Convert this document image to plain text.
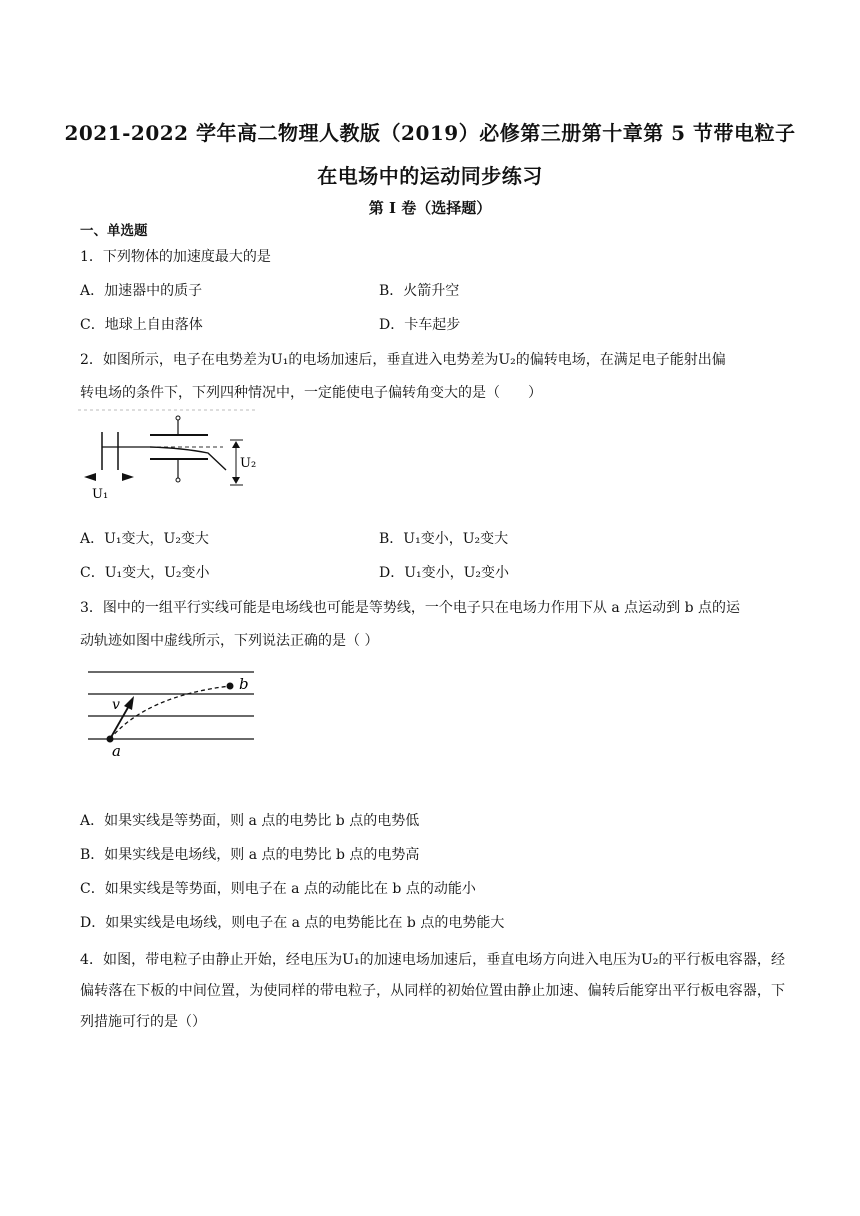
2021-2022 学年高二物理人教版（2019）必修第三册第十章第 5 节带电粒子
在电场中的运动同步练习
第 I 卷（选择题）
一、单选题
1．下列物体的加速度最大的是
A．加速器中的质子	B．火箭升空
C．地球上自由落体	D．卡车起步
2．如图所示，电子在电势差为U₁的电场加速后，垂直进入电势差为U₂的偏转电场，在满足电子能射出偏
转电场的条件下，下列四种情况中，一定能使电子偏转角变大的是（　　）
U₂
U₁
A．U₁变大，U₂变大	B．U₁变小，U₂变大
C．U₁变大，U₂变小	D．U₁变小，U₂变小
3．图中的一组平行实线可能是电场线也可能是等势线，一个电子只在电场力作用下从 a 点运动到 b 点的运
动轨迹如图中虚线所示，下列说法正确的是（ ）
v
b
a
A．如果实线是等势面，则 a 点的电势比 b 点的电势低
B．如果实线是电场线，则 a 点的电势比 b 点的电势高
C．如果实线是等势面，则电子在 a 点的动能比在 b 点的动能小
D．如果实线是电场线，则电子在 a 点的电势能比在 b 点的电势能大
4．如图，带电粒子由静止开始，经电压为U₁的加速电场加速后，垂直电场方向进入电压为U₂的平行板电容器，经偏转落在下板的中间位置，为使同样的带电粒子，从同样的初始位置由静止加速、偏转后能穿出平行板电容器，下列措施可行的是（）
